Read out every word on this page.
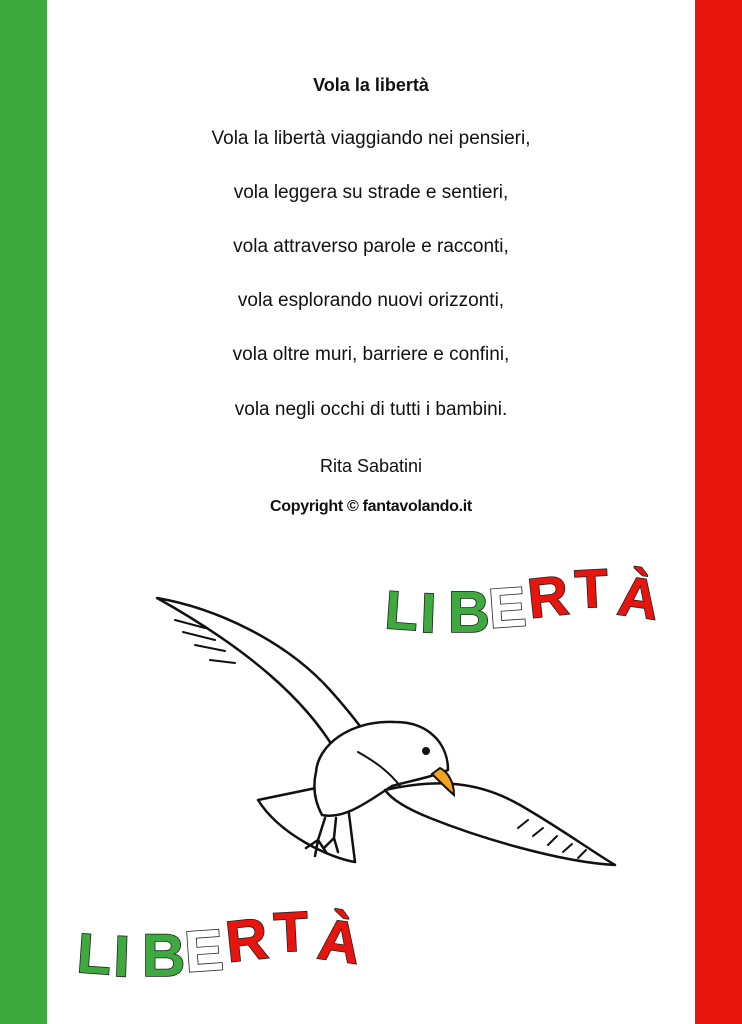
Vola la libertà
Vola la libertà viaggiando nei pensieri,
vola leggera su strade e sentieri,
vola attraverso parole e racconti,
vola esplorando nuovi orizzonti,
vola oltre muri, barriere e confini,
vola negli occhi di tutti i bambini.
Rita Sabatini
Copyright © fantavolando.it
L I B
E
R T À
L
I B
E
R T À
